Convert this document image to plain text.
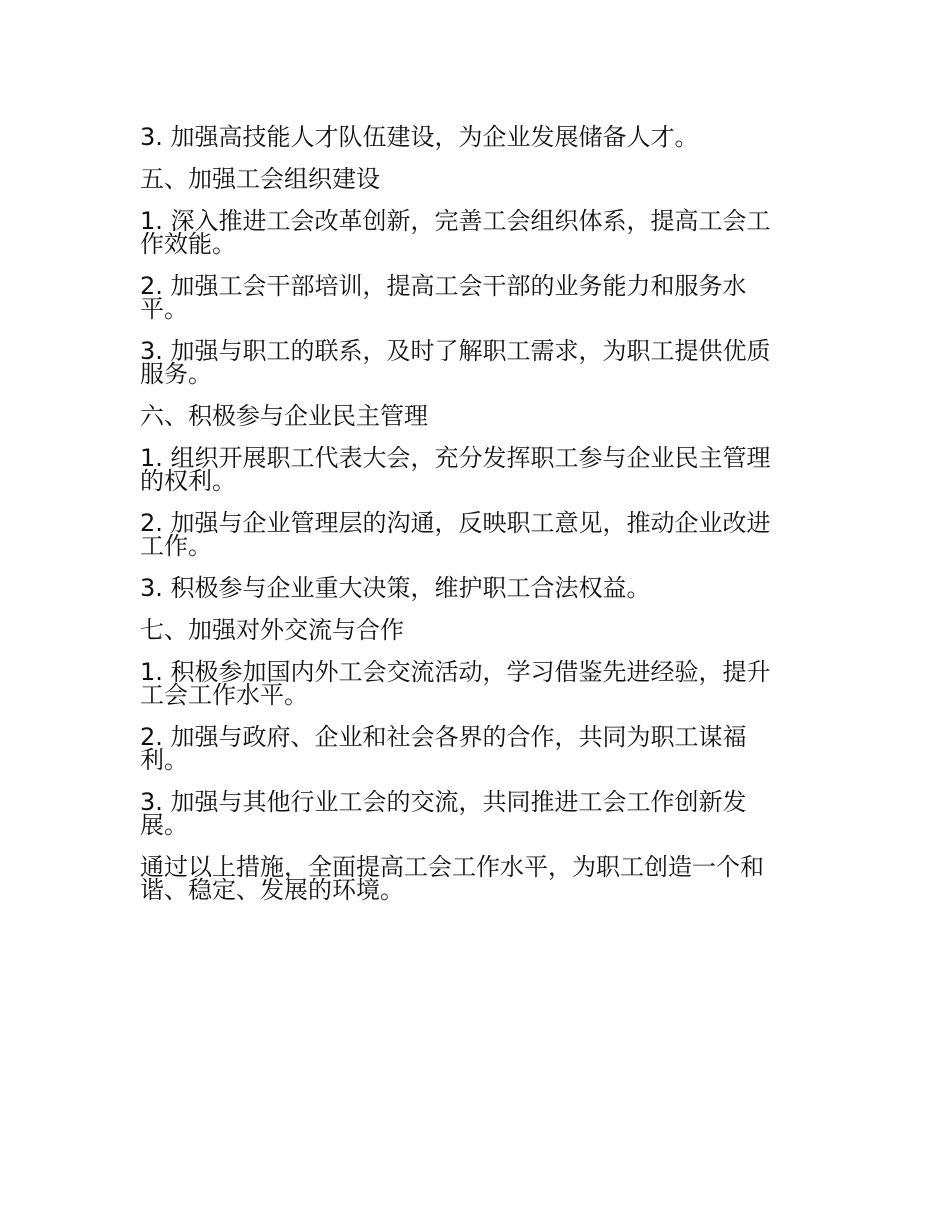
3. 加强高技能人才队伍建设，为企业发展储备人才。

五、加强工会组织建设

1. 深入推进工会改革创新，完善工会组织体系，提高工会工作效能。

2. 加强工会干部培训，提高工会干部的业务能力和服务水平。

3. 加强与职工的联系，及时了解职工需求，为职工提供优质服务。

六、积极参与企业民主管理

1. 组织开展职工代表大会，充分发挥职工参与企业民主管理的权利。

2. 加强与企业管理层的沟通，反映职工意见，推动企业改进工作。

3. 积极参与企业重大决策，维护职工合法权益。

七、加强对外交流与合作

1. 积极参加国内外工会交流活动，学习借鉴先进经验，提升工会工作水平。

2. 加强与政府、企业和社会各界的合作，共同为职工谋福利。

3. 加强与其他行业工会的交流，共同推进工会工作创新发展。

通过以上措施，全面提高工会工作水平，为职工创造一个和谐、稳定、发展的环境。
